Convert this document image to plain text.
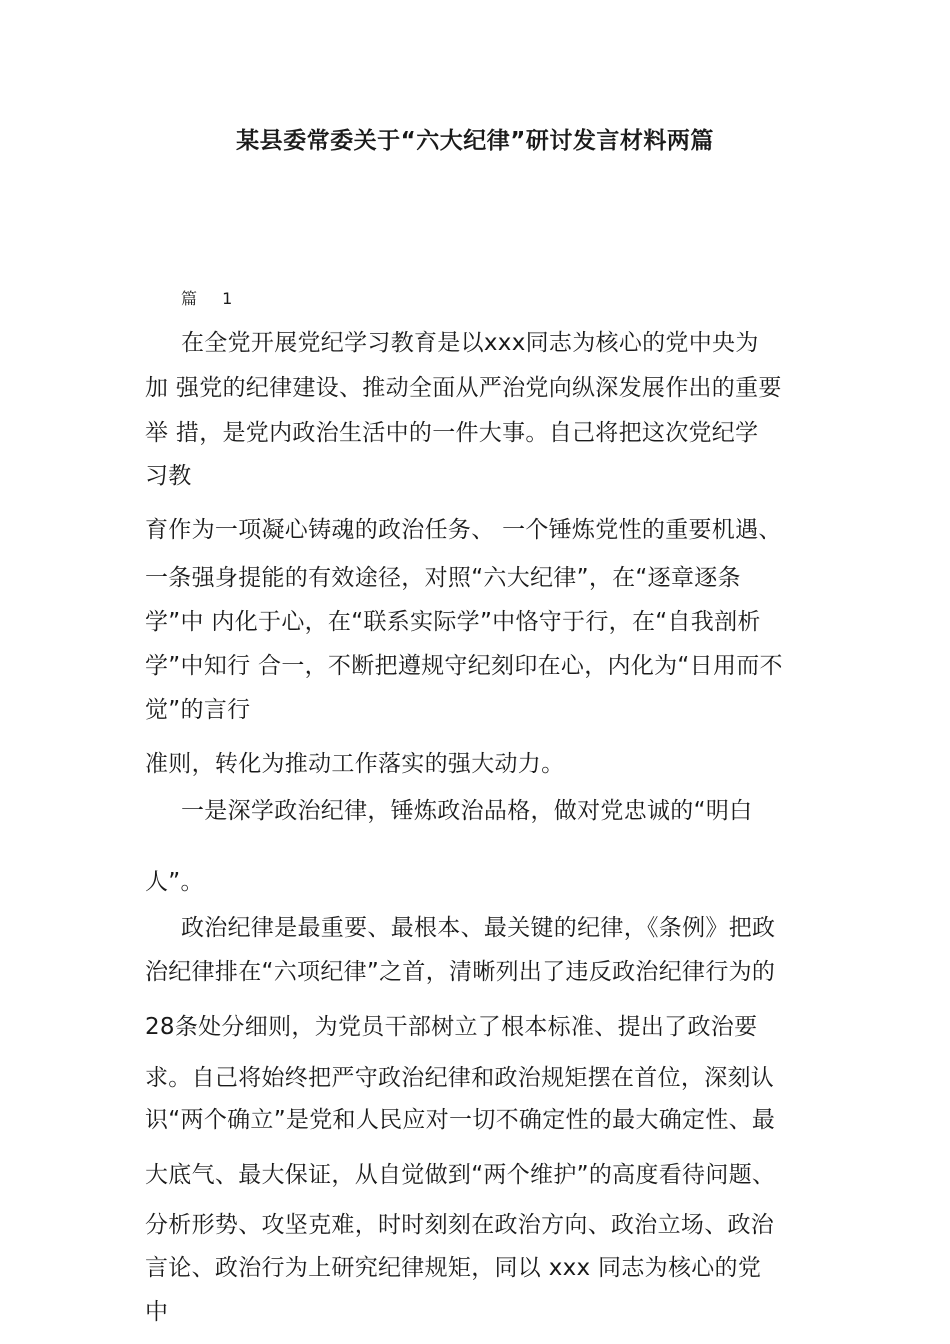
某县委常委关于“六大纪律”研讨发言材料两篇
篇 1
在全党开展党纪学习教育是以xxx同志为核心的党中央为
加 强党的纪律建设、推动全面从严治党向纵深发展作出的重要
举 措，是党内政治生活中的一件大事。自己将把这次党纪学
习教
育作为一项凝心铸魂的政治任务、 一个锤炼党性的重要机遇、
一条强身提能的有效途径，对照“六大纪律”，在“逐章逐条
学”中 内化于心，在“联系实际学”中恪守于行，在“自我剖析
学”中知行 合一，不断把遵规守纪刻印在心，内化为“日用而不
觉”的言行
准则，转化为推动工作落实的强大动力。
一是深学政治纪律，锤炼政治品格，做对党忠诚的“明白
人”。
政治纪律是最重要、最根本、最关键的纪律，《条例》把政
治纪律排在“六项纪律”之首，清晰列出了违反政治纪律行为的
28条处分细则，为党员干部树立了根本标准、提出了政治要
求。自己将始终把严守政治纪律和政治规矩摆在首位，深刻认
识“两个确立”是党和人民应对一切不确定性的最大确定性、最
大底气、最大保证，从自觉做到“两个维护”的高度看待问题、
分析形势、攻坚克难，时时刻刻在政治方向、政治立场、政治
言论、政治行为上研究纪律规矩，同以 xxx 同志为核心的党
中
